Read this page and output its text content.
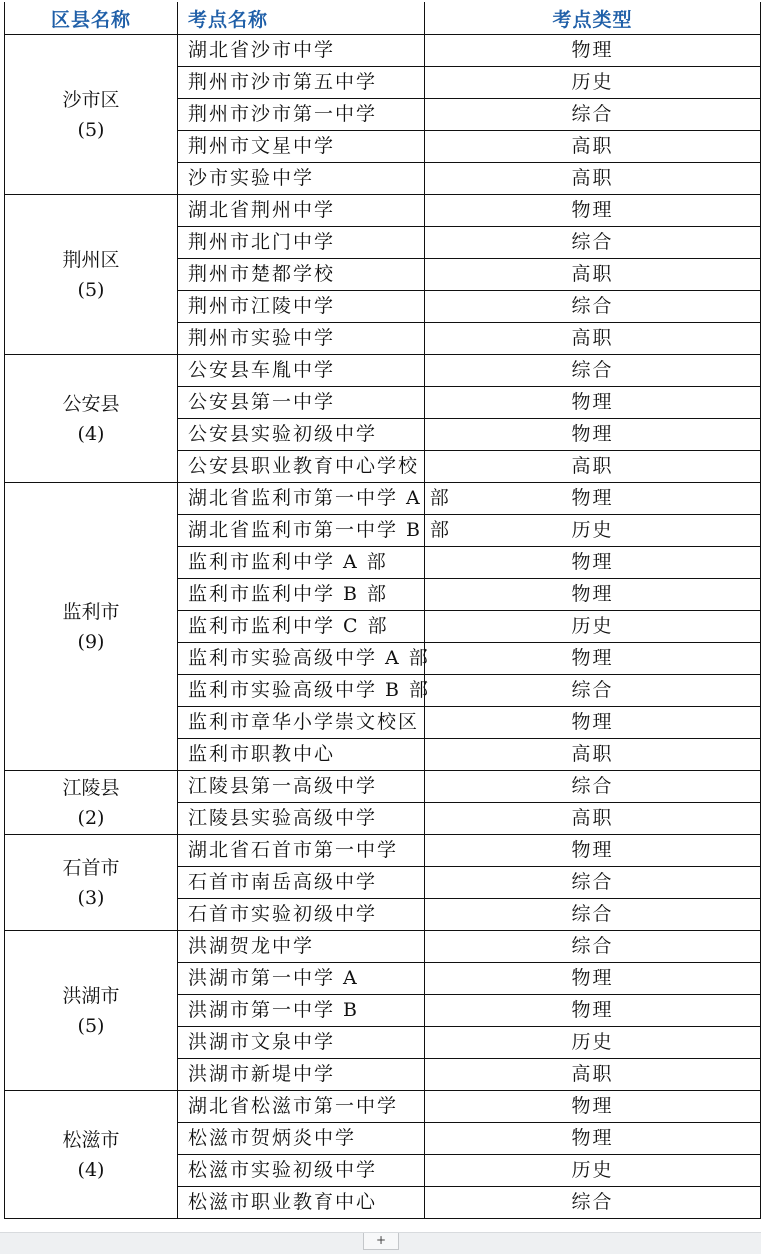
区县名称	考点名称	考点类型

沙市区
(5)	湖北省沙市中学	物理
	荆州市沙市第五中学	历史
	荆州市沙市第一中学	综合
	荆州市文星中学	高职
	沙市实验中学	高职

荆州区
(5)	湖北省荆州中学	物理
	荆州市北门中学	综合
	荆州市楚都学校	高职
	荆州市江陵中学	综合
	荆州市实验中学	高职

公安县
(4)	公安县车胤中学	综合
	公安县第一中学	物理
	公安县实验初级中学	物理
	公安县职业教育中心学校	高职

监利市
(9)	湖北省监利市第一中学 A 部	物理
	湖北省监利市第一中学 B 部	历史
	监利市监利中学 A 部	物理
	监利市监利中学 B 部	物理
	监利市监利中学 C 部	历史
	监利市实验高级中学 A 部	物理
	监利市实验高级中学 B 部	综合
	监利市章华小学崇文校区	物理
	监利市职教中心	高职

江陵县
(2)	江陵县第一高级中学	综合
	江陵县实验高级中学	高职

石首市
(3)	湖北省石首市第一中学	物理
	石首市南岳高级中学	综合
	石首市实验初级中学	综合

洪湖市
(5)	洪湖贺龙中学	综合
	洪湖市第一中学 A	物理
	洪湖市第一中学 B	物理
	洪湖市文泉中学	历史
	洪湖市新堤中学	高职

松滋市
(4)	湖北省松滋市第一中学	物理
	松滋市贺炳炎中学	物理
	松滋市实验初级中学	历史
	松滋市职业教育中心	综合
+
